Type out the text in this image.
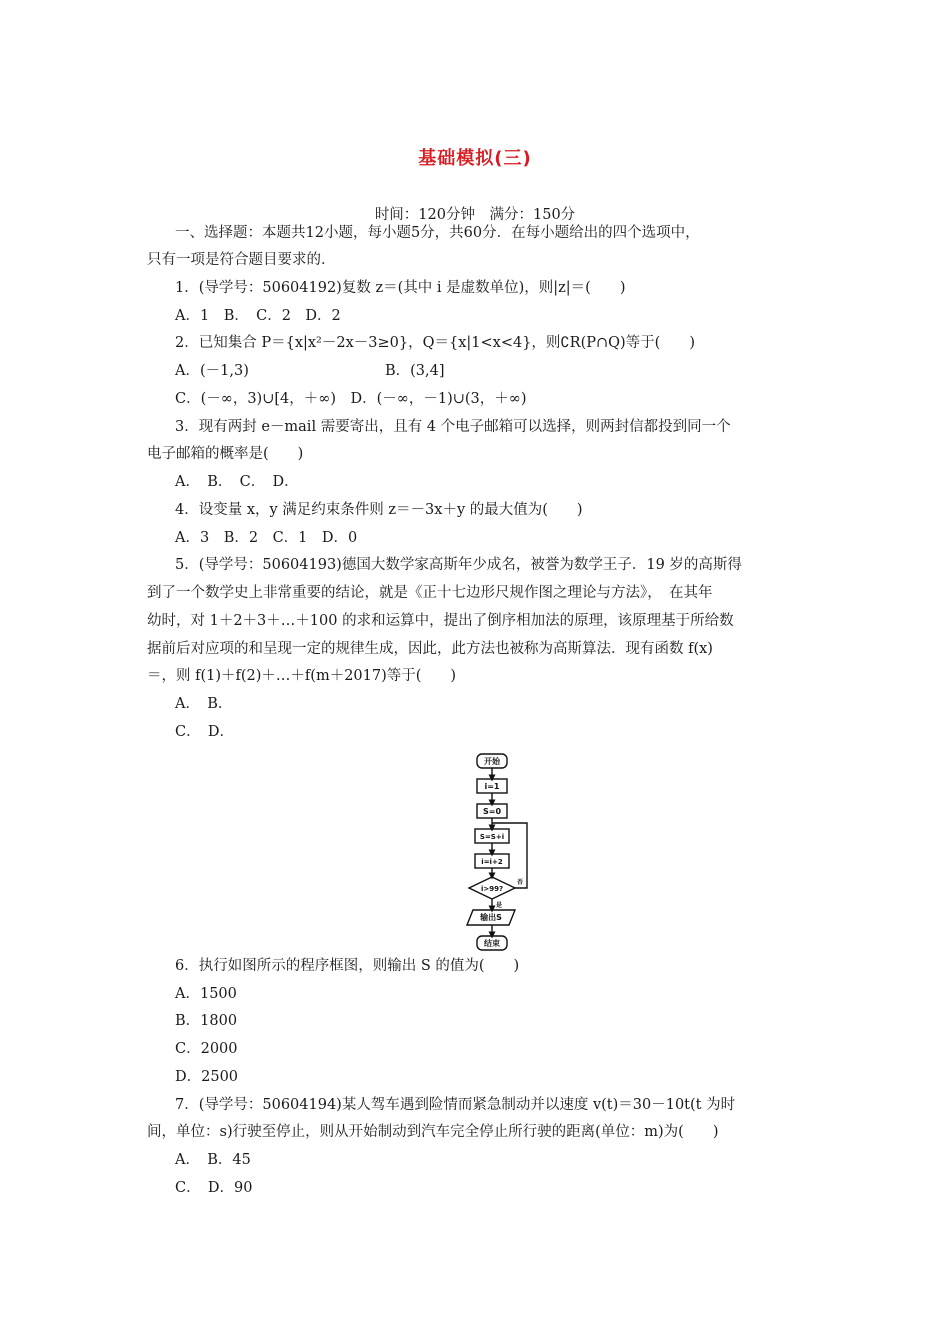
基础模拟(三)
时间：120分钟　满分：150分
一、选择题：本题共12小题，每小题5分，共60分．在每小题给出的四个选项中，
只有一项是符合题目要求的．
1．(导学号：50604192)复数 z＝(其中 i 是虚数单位)，则|z|＝(　　)
A．1　B．　C．2　D．2
2．已知集合 P＝{x|x²－2x－3≥0}，Q＝{x|1<x<4}，则∁R(P∩Q)等于(　　)
A．(－1,3)	B．(3,4]
C．(－∞，3)∪[4，＋∞)　D．(－∞，－1)∪(3，＋∞)
3．现有两封 e－mail 需要寄出，且有 4 个电子邮箱可以选择，则两封信都投到同一个
电子邮箱的概率是(　　)
A．　B．　C．　D．
4．设变量 x，y 满足约束条件则 z＝－3x＋y 的最大值为(　　)
A．3　B．2　C．1　D．0
5．(导学号：50604193)德国大数学家高斯年少成名，被誉为数学王子．19 岁的高斯得
到了一个数学史上非常重要的结论，就是《正十七边形尺规作图之理论与方法》，　在其年
幼时，对 1＋2＋3＋…＋100 的求和运算中，提出了倒序相加法的原理，该原理基于所给数
据前后对应项的和呈现一定的规律生成，因此，此方法也被称为高斯算法．现有函数 f(x)
＝，则 f(1)＋f(2)＋…＋f(m＋2017)等于(　　)
A．　B．
C．　D．
开始
i=1
S=0
S=S+i
i=i+2
i>99?
否
是
输出S
结束
6．执行如图所示的程序框图，则输出 S 的值为(　　)
A．1500
B．1800
C．2000
D．2500
7．(导学号：50604194)某人驾车遇到险情而紧急制动并以速度 v(t)＝30－10t(t 为时
间，单位：s)行驶至停止，则从开始制动到汽车完全停止所行驶的距离(单位：m)为(　　)
A．　B．45
C．　D．90
